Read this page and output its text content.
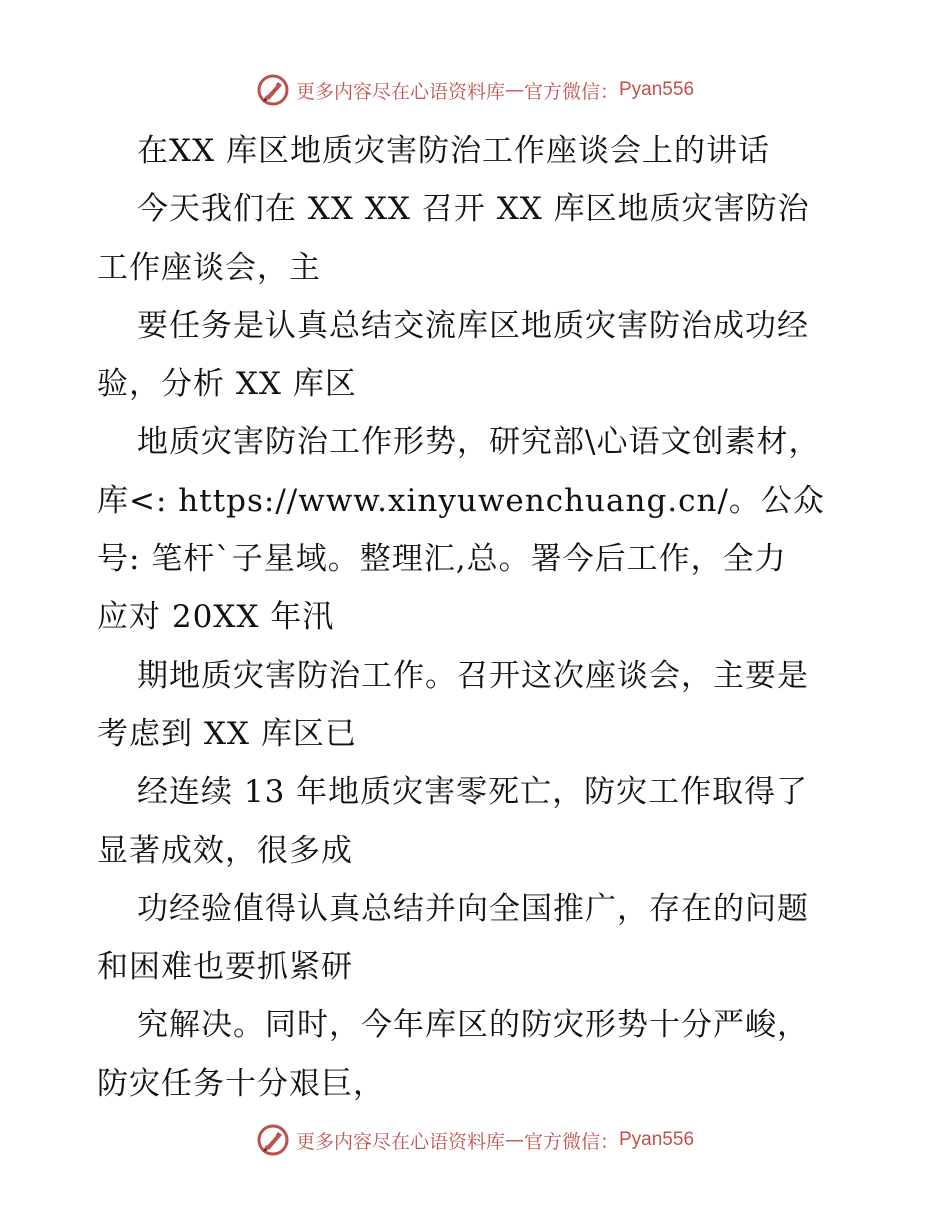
更多内容尽在心语资料库 — 官方微信： Pyan556
在XX 库区地质灾害防治工作座谈会上的讲话
今天我们在 XX XX 召开 XX 库区地质灾害防治
工作座谈会，主
要任务是认真总结交流库区地质灾害防治成功经
验，分析 XX 库区
地质灾害防治工作形势，研究部\心语文创素材，
库<: https://www.xinyuwenchuang.cn/。公众
号: 笔杆`子星域。整理汇,总。署今后工作，全力
应对 20XX 年汛
期地质灾害防治工作。召开这次座谈会，主要是
考虑到 XX 库区已
经连续 13 年地质灾害零死亡，防灾工作取得了
显著成效，很多成
功经验值得认真总结并向全国推广，存在的问题
和困难也要抓紧研
究解决。同时，今年库区的防灾形势十分严峻，
防灾任务十分艰巨，
更多内容尽在心语资料库 — 官方微信： Pyan556
